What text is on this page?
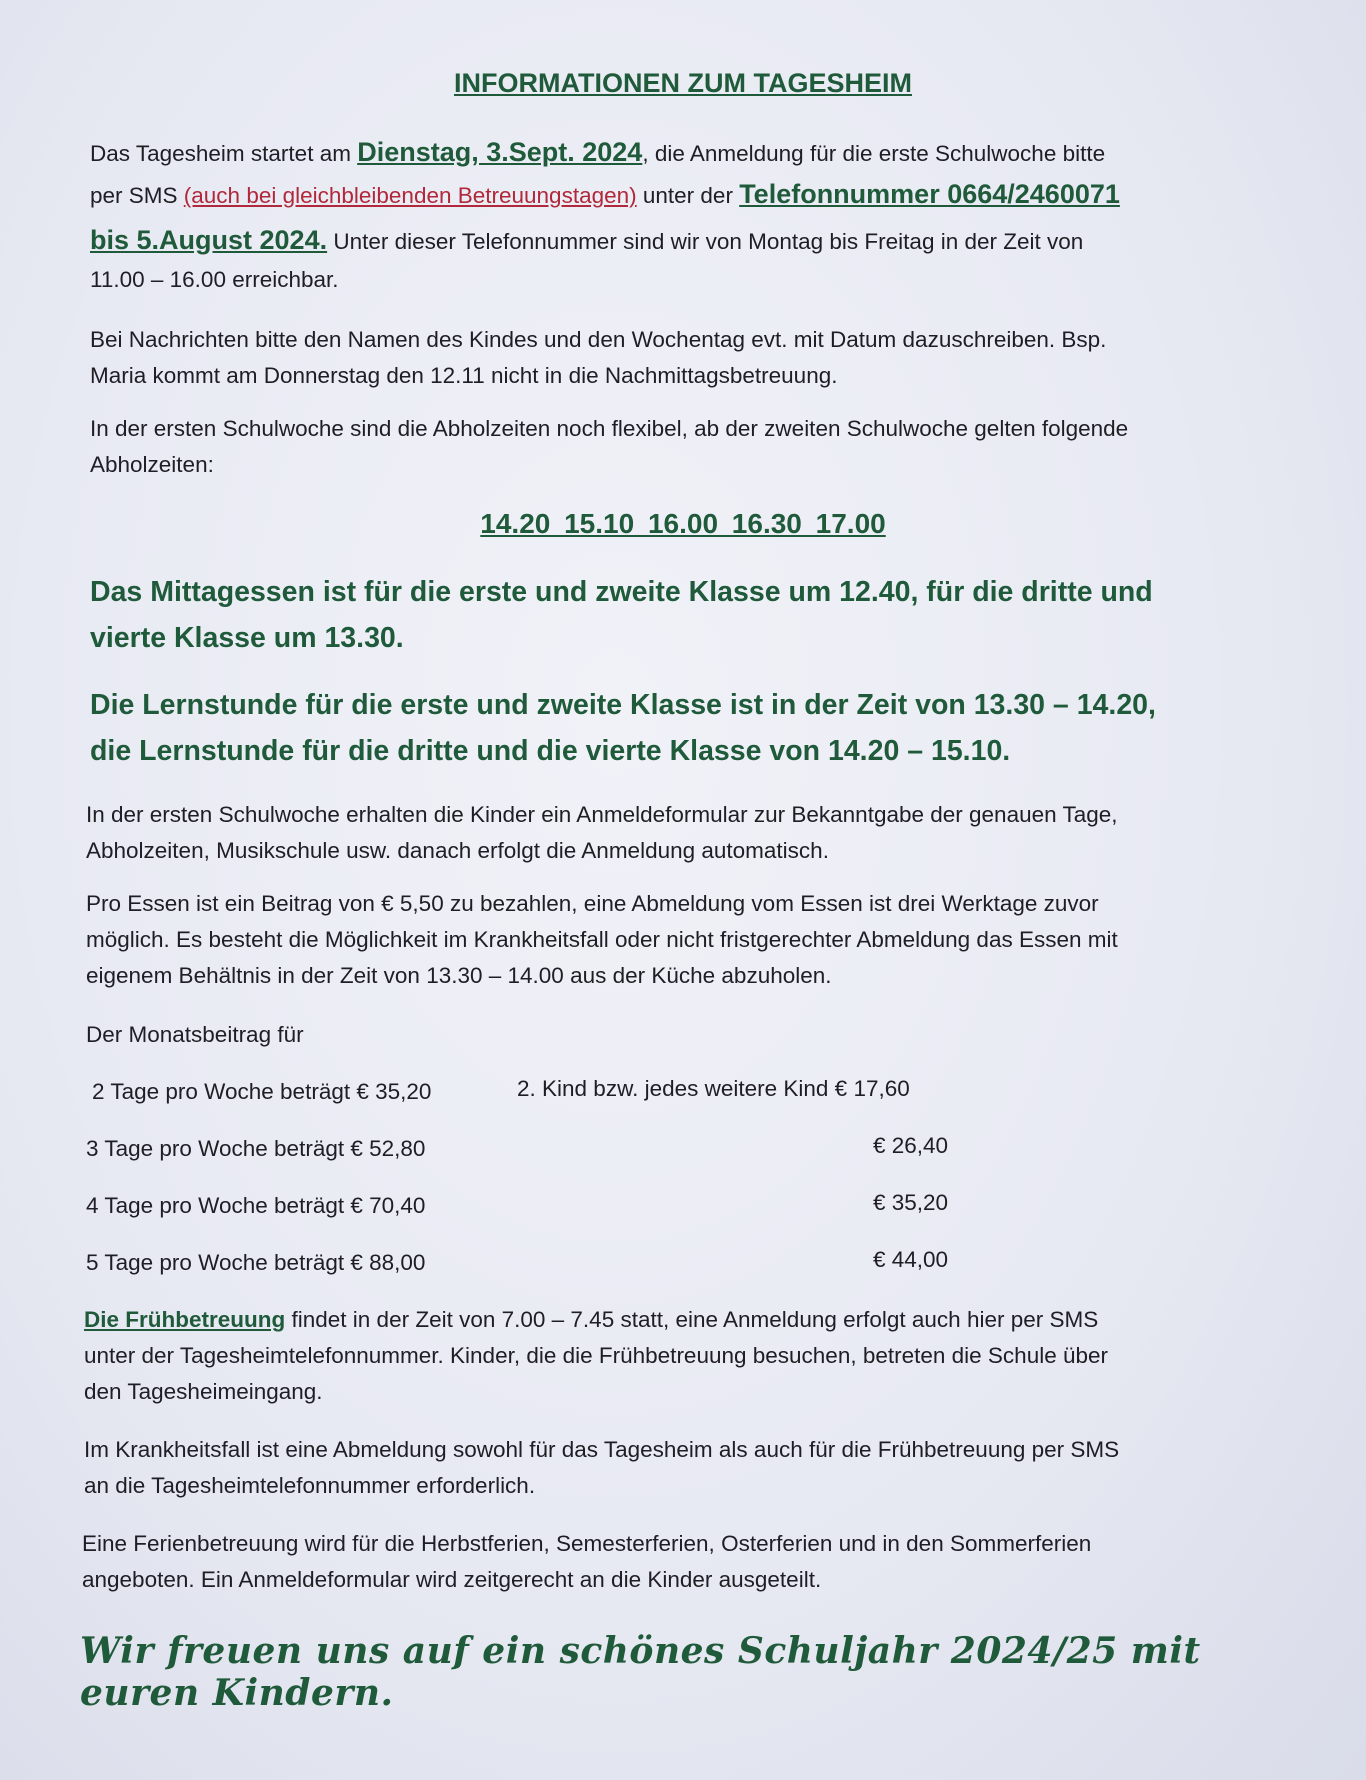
INFORMATIONEN ZUM TAGESHEIM
Das Tagesheim startet am Dienstag, 3.Sept. 2024, die Anmeldung für die erste Schulwoche bitte
per SMS (auch bei gleichbleibenden Betreuungstagen) unter der Telefonnummer 0664/2460071
bis 5.August 2024. Unter dieser Telefonnummer sind wir von Montag bis Freitag in der Zeit von
11.00 – 16.00 erreichbar.
Bei Nachrichten bitte den Namen des Kindes und den Wochentag evt. mit Datum dazuschreiben. Bsp.
Maria kommt am Donnerstag den 12.11 nicht in die Nachmittagsbetreuung.
In der ersten Schulwoche sind die Abholzeiten noch flexibel, ab der zweiten Schulwoche gelten folgende
Abholzeiten:
14.20 15.10 16.00 16.30 17.00
Das Mittagessen ist für die erste und zweite Klasse um 12.40, für die dritte und
vierte Klasse um 13.30.
Die Lernstunde für die erste und zweite Klasse ist in der Zeit von 13.30 – 14.20,
die Lernstunde für die dritte und die vierte Klasse von 14.20 – 15.10.
In der ersten Schulwoche erhalten die Kinder ein Anmeldeformular zur Bekanntgabe der genauen Tage,
Abholzeiten, Musikschule usw. danach erfolgt die Anmeldung automatisch.
Pro Essen ist ein Beitrag von € 5,50 zu bezahlen, eine Abmeldung vom Essen ist drei Werktage zuvor
möglich. Es besteht die Möglichkeit im Krankheitsfall oder nicht fristgerechter Abmeldung das Essen mit
eigenem Behältnis in der Zeit von 13.30 – 14.00 aus der Küche abzuholen.
Der Monatsbeitrag für
2 Tage pro Woche beträgt € 35,20	2. Kind bzw. jedes weitere Kind € 17,60
3 Tage pro Woche beträgt € 52,80	€ 26,40
4 Tage pro Woche beträgt € 70,40	€ 35,20
5 Tage pro Woche beträgt € 88,00	€ 44,00
Die Frühbetreuung findet in der Zeit von 7.00 – 7.45 statt, eine Anmeldung erfolgt auch hier per SMS
unter der Tagesheimtelefonnummer. Kinder, die die Frühbetreuung besuchen, betreten die Schule über
den Tagesheimeingang.
Im Krankheitsfall ist eine Abmeldung sowohl für das Tagesheim als auch für die Frühbetreuung per SMS
an die Tagesheimtelefonnummer erforderlich.
Eine Ferienbetreuung wird für die Herbstferien, Semesterferien, Osterferien und in den Sommerferien
angeboten. Ein Anmeldeformular wird zeitgerecht an die Kinder ausgeteilt.
Wir freuen uns auf ein schönes Schuljahr 2024/25 mit euren Kindern.
